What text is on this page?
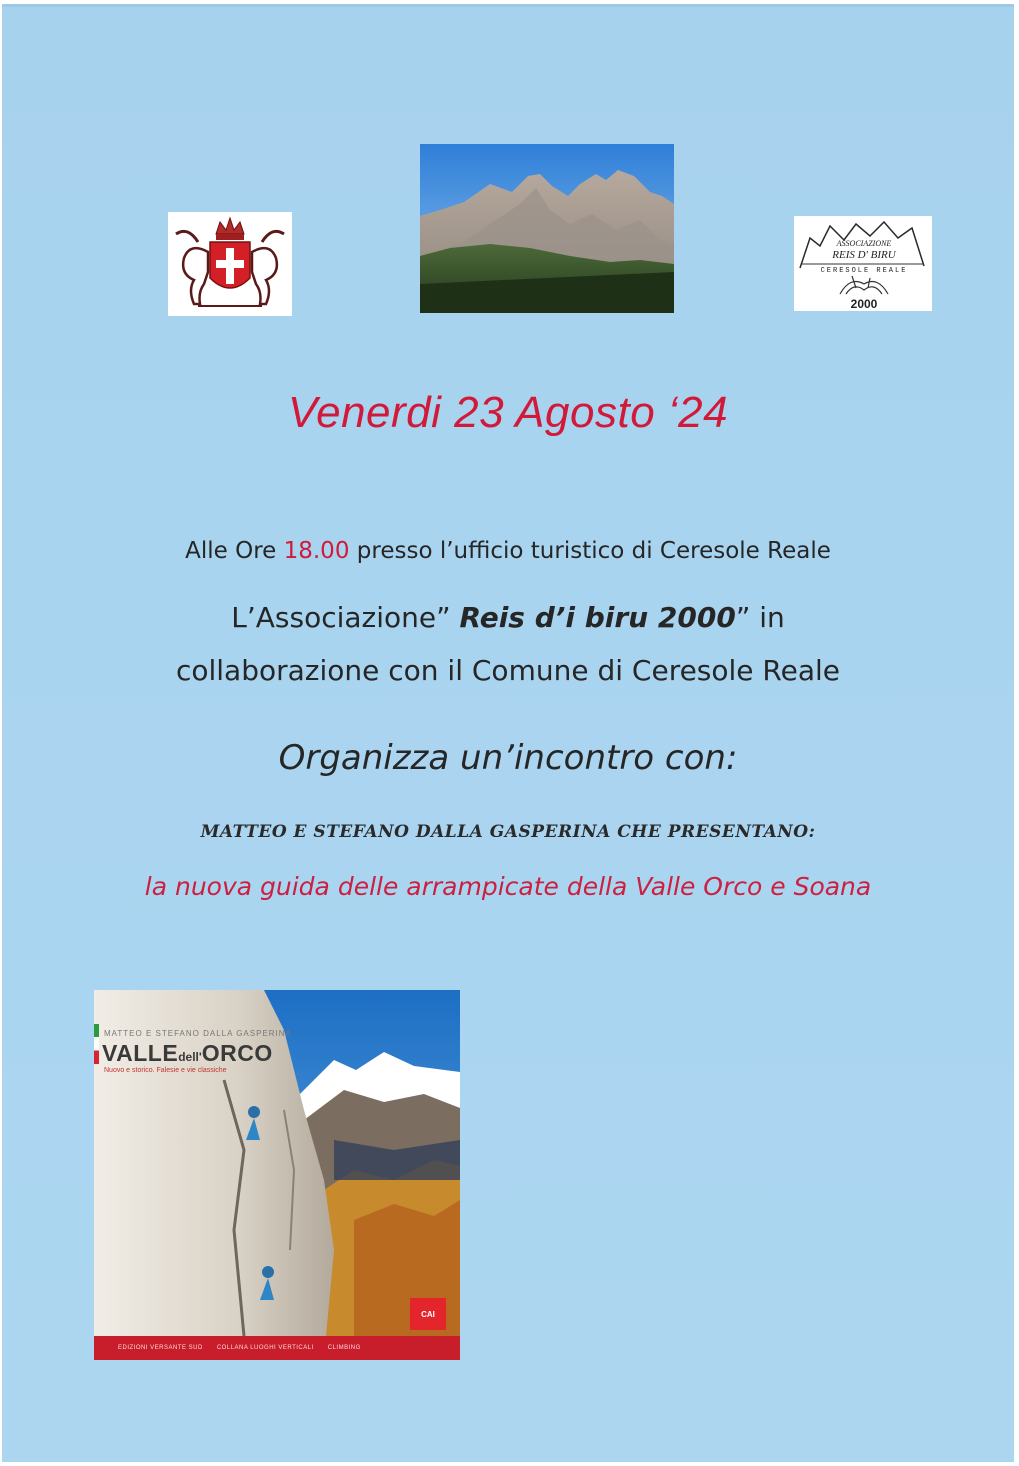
ASSOCIAZIONE
REIS D' BIRU
CERESOLE REALE
2000
Venerdi 23 Agosto ‘24
Alle Ore 18.00 presso l’ufficio turistico di Ceresole Reale
L’Associazione” Reis d’i biru 2000” in
collaborazione con il Comune di Ceresole Reale
Organizza un’incontro con:
MATTEO E STEFANO DALLA GASPERINA CHE PRESENTANO:
la nuova guida delle arrampicate della Valle Orco e Soana
MATTEO E STEFANO DALLA GASPERINA
VALLEdell'ORCO
Nuovo e storico. Falesie e vie classiche
CAI
EDIZIONI VERSANTE SUD COLLANA LUOGHI VERTICALI CLIMBING
